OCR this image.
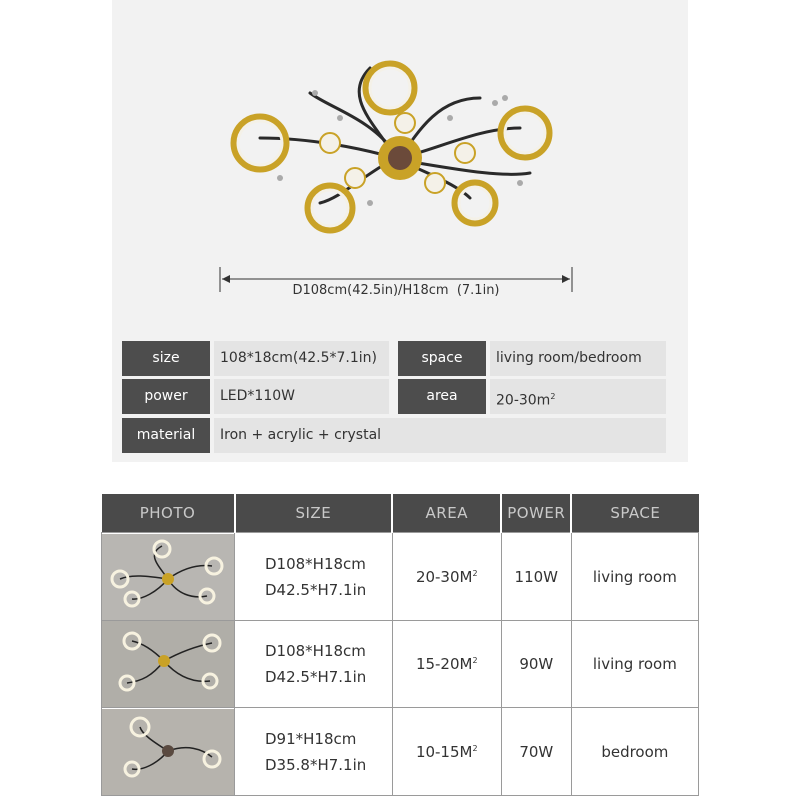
D108cm(42.5in)/H18cm  (7.1in)
size	108*18cm(42.5*7.1in)	space	living room/bedroom
power	LED*110W	area	$20-30m^2$
material	Iron + acrylic + crystal
PHOTO	SIZE	AREA	POWER	SPACE

D108*H18cm
D42.5*H7.1in	$20-30M^2$	110W	living room

D108*H18cm
D42.5*H7.1in	$15-20M^2$	90W	living room

D91*H18cm
D35.8*H7.1in	$10-15M^2$	70W	bedroom
